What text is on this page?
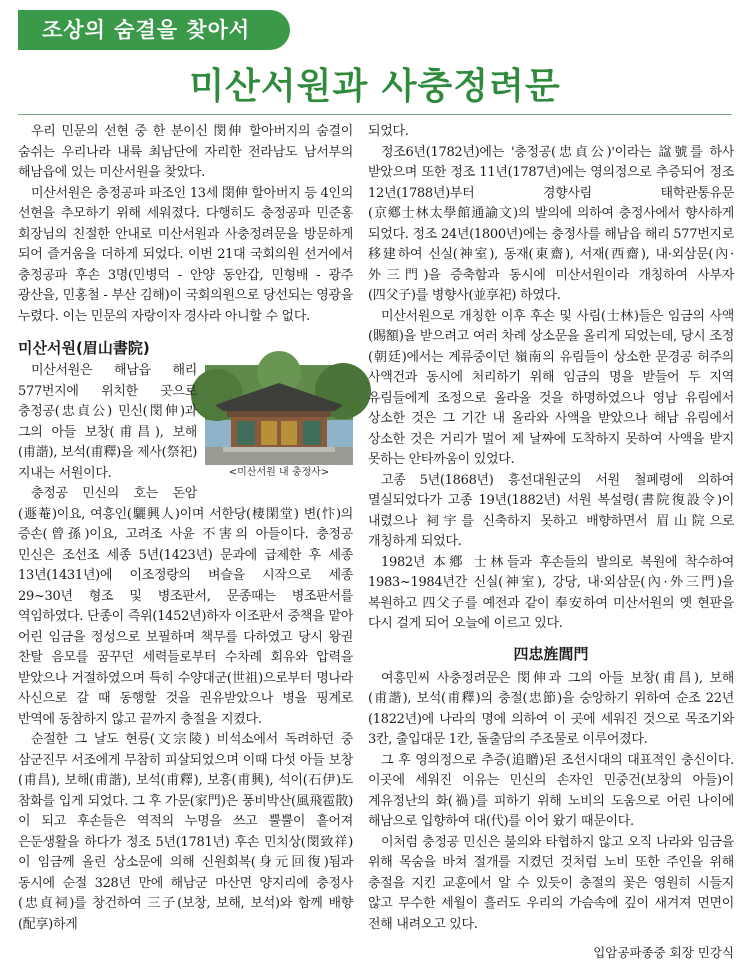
조상의 숨결을 찾아서
미산서원과 사충정려문

우리 민문의 선현 중 한 분이신 閔伸 할아버지의 숨결이 숨쉬는 우리나라 내륙 최남단에 자리한 전라남도 남서부의 해남읍에 있는 미산서원을 찾았다.

미산서원은 충정공파 파조인 13세 閔伸 할아버지 등 4인의 선현을 추모하기 위해 세워졌다. 다행히도 충정공파 민준홍 회장님의 친절한 안내로 미산서원과 사충정려문을 방문하게 되어 즐거움을 더하게 되었다. 이번 21대 국회의원 선거에서 충정공파 후손 3명(민병덕 - 안양 동안갑, 민형배 - 광주 광산을, 민홍철 - 부산 김해)이 국회의원으로 당선되는 영광을 누렸다. 이는 민문의 자랑이자 경사라 아니할 수 없다.

미산서원(眉山書院)
<미산서원 내 충정사>

미산서원은 해남읍 해리 577번지에 위치한 곳으로 충정공(忠貞公) 민신(閔伸)과 그의 아들 보창(甫昌), 보해(甫諧), 보석(甫釋)을 제사(祭祀) 지내는 서원이다.

충정공 민신의 호는 돈암(遯菴)이요, 여흥인(驪興人)이며 서한당(棲閑堂) 변(忭)의 증손(曾孫)이요, 고려조 사윤 不害의 아들이다. 충정공 민신은 조선조 세종 5년(1423년) 문과에 급제한 후 세종 13년(1431년)에 이조정랑의 벼슬을 시작으로 세종 29~30년 형조 및 병조판서, 문종때는 병조판서를 역임하였다. 단종이 즉위(1452년)하자 이조판서 중책을 맡아 어린 임금을 정성으로 보필하며 책무를 다하였고 당시 왕권 찬탈 음모를 꿈꾸던 세력들로부터 수차례 회유와 압력을 받았으나 거절하였으며 특히 수양대군(世祖)으로부터 명나라 사신으로 갈 때 동행할 것을 권유받았으나 병을 핑계로 반역에 동참하지 않고 끝까지 충절을 지켰다.

순절한 그 날도 현릉(文宗陵) 비석소에서 독려하던 중 삼군진무 서조에게 무참히 피살되었으며 이때 다섯 아들 보창(甫昌), 보해(甫諧), 보석(甫釋), 보흥(甫興), 석이(石伊)도 참화를 입게 되었다. 그 후 가문(家門)은 풍비박산(風飛雹散)이 되고 후손들은 역적의 누명을 쓰고 뿔뿔이 흩어져 은둔생활을 하다가 정조 5년(1781년) 후손 민치상(閔致祥)이 임금께 올린 상소문에 의해 신원회복(身元回復)됨과 동시에 순절 328년 만에 해남군 마산면 양지리에 충정사(忠貞祠)를 창건하여 三子(보창, 보해, 보석)와 함께 배향(配享)하게

되었다.

정조6년(1782년)에는 '충정공(忠貞公)'이라는 諡號를 하사 받았으며 또한 정조 11년(1787년)에는 영의정으로 추증되어 정조 12년(1788년)부터 경향사림 태학관통유문(京鄕士林太學館通諭文)의 발의에 의하여 충정사에서 향사하게 되었다. 정조 24년(1800년)에는 충정사를 해남읍 해리 577번지로 移建하여 신실(神室), 동재(東齋), 서재(西齋), 내·외삼문(內·外三門)을 증축함과 동시에 미산서원이라 개칭하여 사부자(四父子)를 병향사(並享祀) 하였다.

미산서원으로 개칭한 이후 후손 및 사림(士林)들은 임금의 사액(賜額)을 받으려고 여러 차례 상소문을 올리게 되었는데, 당시 조정(朝廷)에서는 계류중이던 嶺南의 유림들이 상소한 문경공 허주의 사액건과 동시에 처리하기 위해 임금의 명을 받들어 두 지역 유림들에게 조정으로 올라올 것을 하명하였으나 영남 유림에서 상소한 것은 그 기간 내 올라와 사액을 받았으나 해남 유림에서 상소한 것은 거리가 멀어 제 날짜에 도착하지 못하여 사액을 받지 못하는 안타까움이 있었다.

고종 5년(1868년) 흥선대원군의 서원 철폐령에 의하여 멸실되었다가 고종 19년(1882년) 서원 복설령(書院復設令)이 내렸으나 祠宇를 신축하지 못하고 배향하면서 眉山院으로 개칭하게 되었다.

1982년 本鄕 士林들과 후손들의 발의로 복원에 착수하여 1983~1984년간 신실(神室), 강당, 내·외삼문(內·外三門)을 복원하고 四父子를 예전과 같이 奉安하여 미산서원의 옛 현판을 다시 걸게 되어 오늘에 이르고 있다.

四忠旌閭門

여흥민씨 사충정려문은 閔伸과 그의 아들 보창(甫昌), 보해(甫諧), 보석(甫釋)의 충절(忠節)을 숭앙하기 위하여 순조 22년(1822년)에 나라의 명에 의하여 이 곳에 세워진 것으로 목조기와 3칸, 출입대문 1칸, 돌출담의 주조물로 이루어졌다.

그 후 영의정으로 추증(追贈)된 조선시대의 대표적인 충신이다. 이곳에 세워진 이유는 민신의 손자인 민중건(보창의 아들)이 계유정난의 화(禍)를 피하기 위해 노비의 도움으로 어린 나이에 해남으로 입향하여 대(代)를 이어 왔기 때문이다.

이처럼 충정공 민신은 불의와 타협하지 않고 오직 나라와 임금을 위해 목숨을 바쳐 절개를 지켰던 것처럼 노비 또한 주인을 위해 충절을 지킨 교훈에서 알 수 있듯이 충절의 꽃은 영원히 시들지 않고 무수한 세월이 흘러도 우리의 가슴속에 깊이 새겨져 면면이 전해 내려오고 있다.

입암공파종중 회장 민강식
